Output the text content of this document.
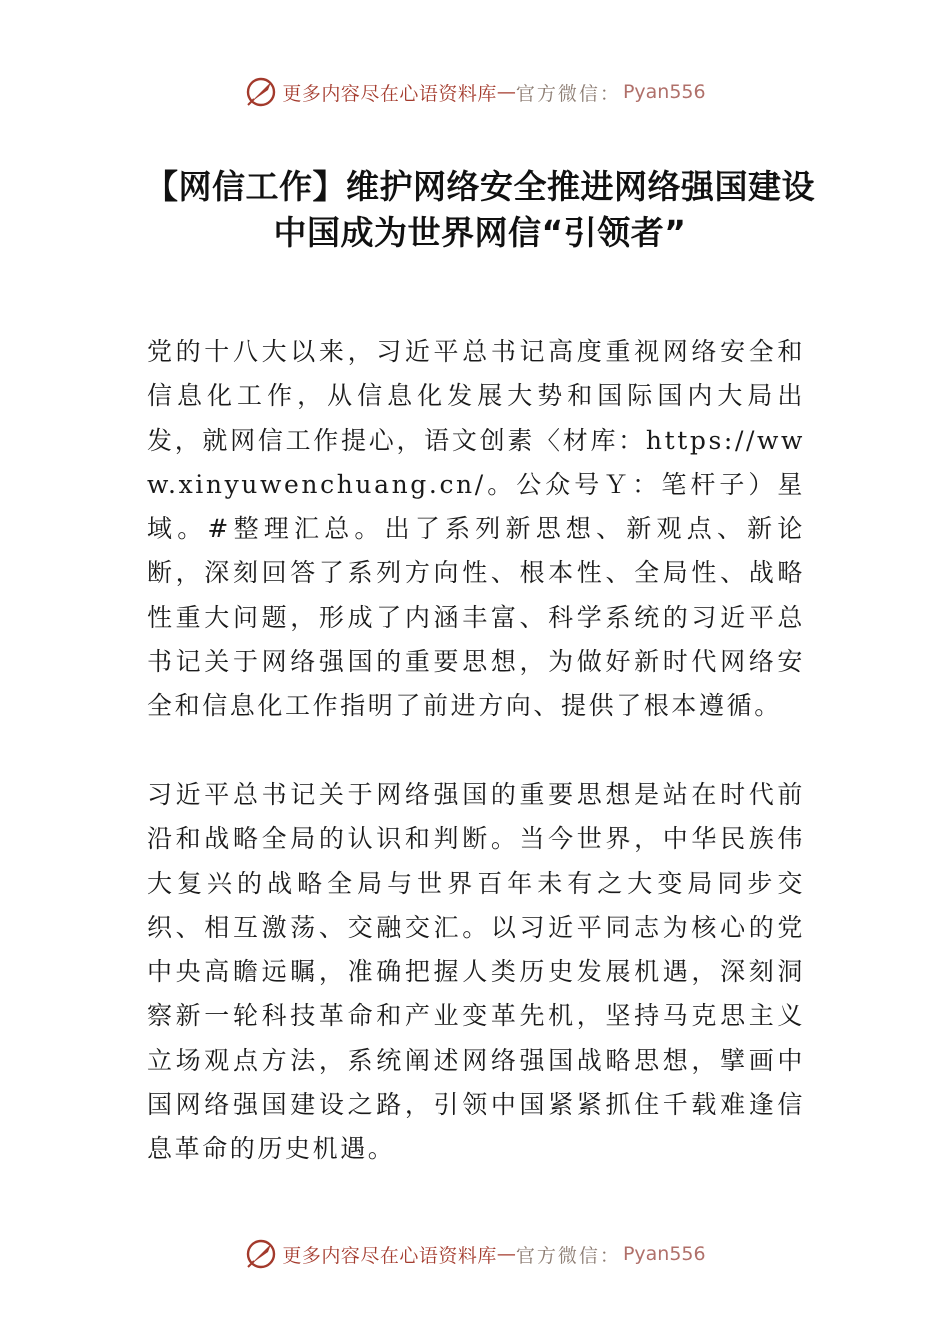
更多内容尽在心语资料库 — 官方微信： Pyan556
【网信工作】维护网络安全推进网络强国建设 中国成为世界网信“引领者”
党的十八大以来，习近平总书记高度重视网络安全和信息化工作，从信息化发展大势和国际国内大局出发，就网信工作提心，语文创素〈材库：https://www.xinyuwenchuang.cn/。公众号Ｙ：笔杆子）星域。#整理汇总。出了系列新思想、新观点、新论断，深刻回答了系列方向性、根本性、全局性、战略性重大问题，形成了内涵丰富、科学系统的习近平总书记关于网络强国的重要思想，为做好新时代网络安全和信息化工作指明了前进方向、提供了根本遵循。
习近平总书记关于网络强国的重要思想是站在时代前沿和战略全局的认识和判断。当今世界，中华民族伟大复兴的战略全局与世界百年未有之大变局同步交织、相互激荡、交融交汇。以习近平同志为核心的党中央高瞻远瞩，准确把握人类历史发展机遇，深刻洞察新一轮科技革命和产业变革先机，坚持马克思主义立场观点方法，系统阐述网络强国战略思想，擘画中国网络强国建设之路，引领中国紧紧抓住千载难逢信息革命的历史机遇。
更多内容尽在心语资料库 — 官方微信： Pyan556
